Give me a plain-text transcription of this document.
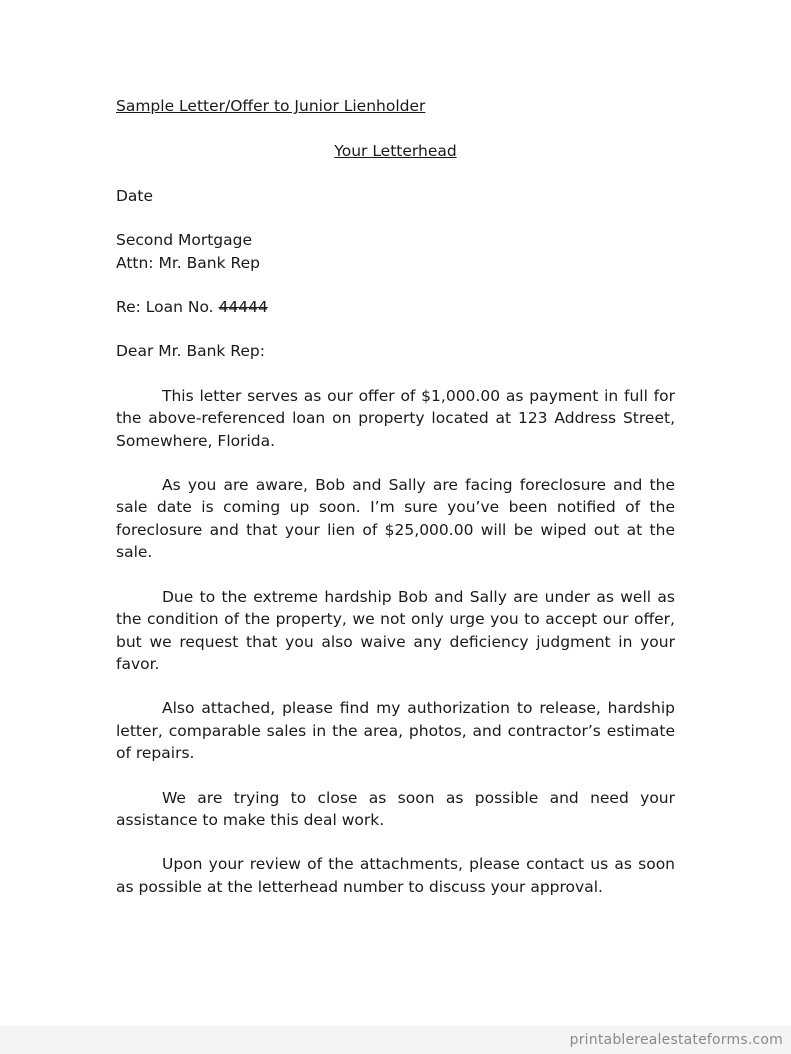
Sample Letter/Offer to Junior Lienholder
Your Letterhead
Date
Second Mortgage
Attn: Mr. Bank Rep
Re: Loan No. 44444
Dear Mr. Bank Rep:

This letter serves as our offer of $1,000.00 as payment in full for the above-referenced loan on property located at 123 Address Street, Somewhere, Florida.

As you are aware, Bob and Sally are facing foreclosure and the sale date is coming up soon. I’m sure you’ve been notified of the foreclosure and that your lien of $25,000.00 will be wiped out at the sale.

Due to the extreme hardship Bob and Sally are under as well as the condition of the property, we not only urge you to accept our offer, but we request that you also waive any deficiency judgment in your favor.

Also attached, please find my authorization to release, hardship letter, comparable sales in the area, photos, and contractor’s estimate of repairs.

We are trying to close as soon as possible and need your assistance to make this deal work.

Upon your review of the attachments, please contact us as soon as possible at the letterhead number to discuss your approval.

printablerealestateforms.com
